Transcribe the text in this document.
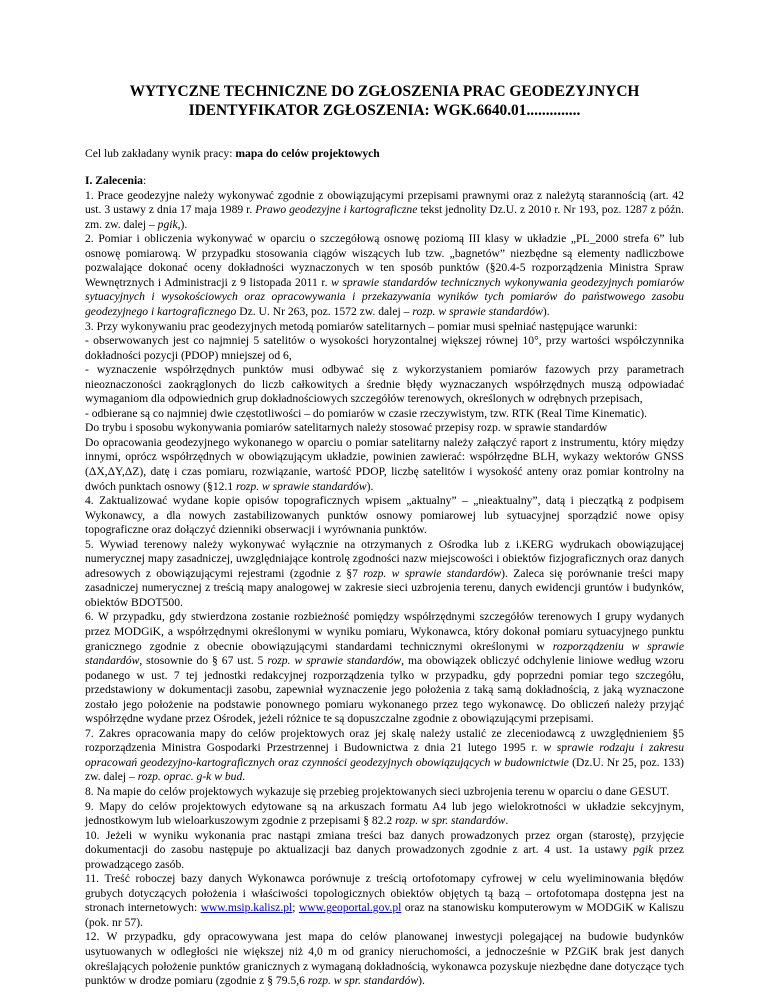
WYTYCZNE TECHNICZNE DO ZGŁOSZENIA PRAC GEODEZYJNYCH
IDENTYFIKATOR ZGŁOSZENIA: WGK.6640.01..............

Cel lub zakładany wynik pracy: mapa do celów projektowych

I. Zalecenia:

1. Prace geodezyjne należy wykonywać zgodnie z obowiązującymi przepisami prawnymi oraz z należytą starannością (art. 42 ust. 3 ustawy z dnia 17 maja 1989 r. Prawo geodezyjne i kartograficzne tekst jednolity Dz.U. z 2010 r. Nr 193, poz. 1287 z późn. zm. zw. dalej – pgik,).

2. Pomiar i obliczenia wykonywać w oparciu o szczegółową osnowę poziomą III klasy w układzie „PL_2000 strefa 6” lub osnowę pomiarową. W przypadku stosowania ciągów wiszących lub tzw. „bagnetów” niezbędne są elementy nadliczbowe pozwalające dokonać oceny dokładności wyznaczonych w ten sposób punktów (§20.4-5 rozporządzenia Ministra Spraw Wewnętrznych i Administracji z 9 listopada 2011 r. w sprawie standardów technicznych wykonywania geodezyjnych pomiarów sytuacyjnych i wysokościowych oraz opracowywania i przekazywania wyników tych pomiarów do państwowego zasobu geodezyjnego i kartograficznego Dz. U. Nr 263, poz. 1572 zw. dalej – rozp. w sprawie standardów).

3. Przy wykonywaniu prac geodezyjnych metodą pomiarów satelitarnych – pomiar musi spełniać następujące warunki:

- obserwowanych jest co najmniej 5 satelitów o wysokości horyzontalnej większej równej 10°, przy wartości współczynnika dokładności pozycji (PDOP) mniejszej od 6,

- wyznaczenie współrzędnych punktów musi odbywać się z wykorzystaniem pomiarów fazowych przy parametrach nieoznaczoności zaokrąglonych do liczb całkowitych a średnie błędy wyznaczanych współrzędnych muszą odpowiadać wymaganiom dla odpowiednich grup dokładnościowych szczegółów terenowych, określonych w odrębnych przepisach,

- odbierane są co najmniej dwie częstotliwości – do pomiarów w czasie rzeczywistym, tzw. RTK (Real Time Kinematic).

Do trybu i sposobu wykonywania pomiarów satelitarnych należy stosować przepisy rozp. w sprawie standardów

Do opracowania geodezyjnego wykonanego w oparciu o pomiar satelitarny należy załączyć raport z instrumentu, który między innymi, oprócz współrzędnych w obowiązującym układzie, powinien zawierać: współrzędne BLH, wykazy wektorów GNSS (ΔX,ΔY,ΔZ), datę i czas pomiaru, rozwiązanie, wartość PDOP, liczbę satelitów i wysokość anteny oraz pomiar kontrolny na dwóch punktach osnowy (§12.1 rozp. w sprawie standardów).

4. Zaktualizować wydane kopie opisów topograficznych wpisem „aktualny” – „nieaktualny”, datą i pieczątką z podpisem Wykonawcy, a dla nowych zastabilizowanych punktów osnowy pomiarowej lub sytuacyjnej sporządzić nowe opisy topograficzne oraz dołączyć dzienniki obserwacji i wyrównania punktów.

5. Wywiad terenowy należy wykonywać wyłącznie na otrzymanych z Ośrodka lub z i.KERG wydrukach obowiązującej numerycznej mapy zasadniczej, uwzględniające kontrolę zgodności nazw miejscowości i obiektów fizjograficznych oraz danych adresowych z obowiązującymi rejestrami (zgodnie z §7 rozp. w sprawie standardów). Zaleca się porównanie treści mapy zasadniczej numerycznej z treścią mapy analogowej w zakresie sieci uzbrojenia terenu, danych ewidencji gruntów i budynków, obiektów BDOT500.

6. W przypadku, gdy stwierdzona zostanie rozbieżność pomiędzy współrzędnymi szczegółów terenowych I grupy wydanych przez MODGiK, a współrzędnymi określonymi w wyniku pomiaru, Wykonawca, który dokonał pomiaru sytuacyjnego punktu granicznego zgodnie z obecnie obowiązującymi standardami technicznymi określonymi w rozporządzeniu w sprawie standardów, stosownie do § 67 ust. 5 rozp. w sprawie standardów, ma obowiązek obliczyć odchylenie liniowe według wzoru podanego w ust. 7 tej jednostki redakcyjnej rozporządzenia tylko w przypadku, gdy poprzedni pomiar tego szczegółu, przedstawiony w dokumentacji zasobu, zapewniał wyznaczenie jego położenia z taką samą dokładnością, z jaką wyznaczone zostało jego położenie na podstawie ponownego pomiaru wykonanego przez tego wykonawcę. Do obliczeń należy przyjąć współrzędne wydane przez Ośrodek, jeżeli różnice te są dopuszczalne zgodnie z obowiązującymi przepisami.

7. Zakres opracowania mapy do celów projektowych oraz jej skalę należy ustalić ze zleceniodawcą z uwzględnieniem §5 rozporządzenia Ministra Gospodarki Przestrzennej i Budownictwa z dnia 21 lutego 1995 r. w sprawie rodzaju i zakresu opracowań geodezyjno-kartograficznych oraz czynności geodezyjnych obowiązujących w budownictwie (Dz.U. Nr 25, poz. 133) zw. dalej – rozp. oprac. g-k w bud.

8. Na mapie do celów projektowych wykazuje się przebieg projektowanych sieci uzbrojenia terenu w oparciu o dane GESUT.

9. Mapy do celów projektowych edytowane są na arkuszach formatu A4 lub jego wielokrotności w układzie sekcyjnym, jednostkowym lub wieloarkuszowym zgodnie z przepisami § 82.2 rozp. w spr. standardów.

10. Jeżeli w wyniku wykonania prac nastąpi zmiana treści baz danych prowadzonych przez organ (starostę), przyjęcie dokumentacji do zasobu następuje po aktualizacji baz danych prowadzonych zgodnie z art. 4 ust. 1a ustawy pgik przez prowadzącego zasób.

11. Treść roboczej bazy danych Wykonawca porównuje z treścią ortofotomapy cyfrowej w celu wyeliminowania błędów grubych dotyczących położenia i właściwości topologicznych obiektów objętych tą bazą – ortofotomapa dostępna jest na stronach internetowych: www.msip.kalisz.pl; www.geoportal.gov.pl oraz na stanowisku komputerowym w MODGiK w Kaliszu (pok. nr 57).

12. W przypadku, gdy opracowywana jest mapa do celów planowanej inwestycji polegającej na budowie budynków usytuowanych w odległości nie większej niż 4,0 m od granicy nieruchomości, a jednocześnie w PZGiK brak jest danych określających położenie punktów granicznych z wymaganą dokładnością, wykonawca pozyskuje niezbędne dane dotyczące tych punktów w drodze pomiaru (zgodnie z § 79.5,6 rozp. w spr. standardów).
